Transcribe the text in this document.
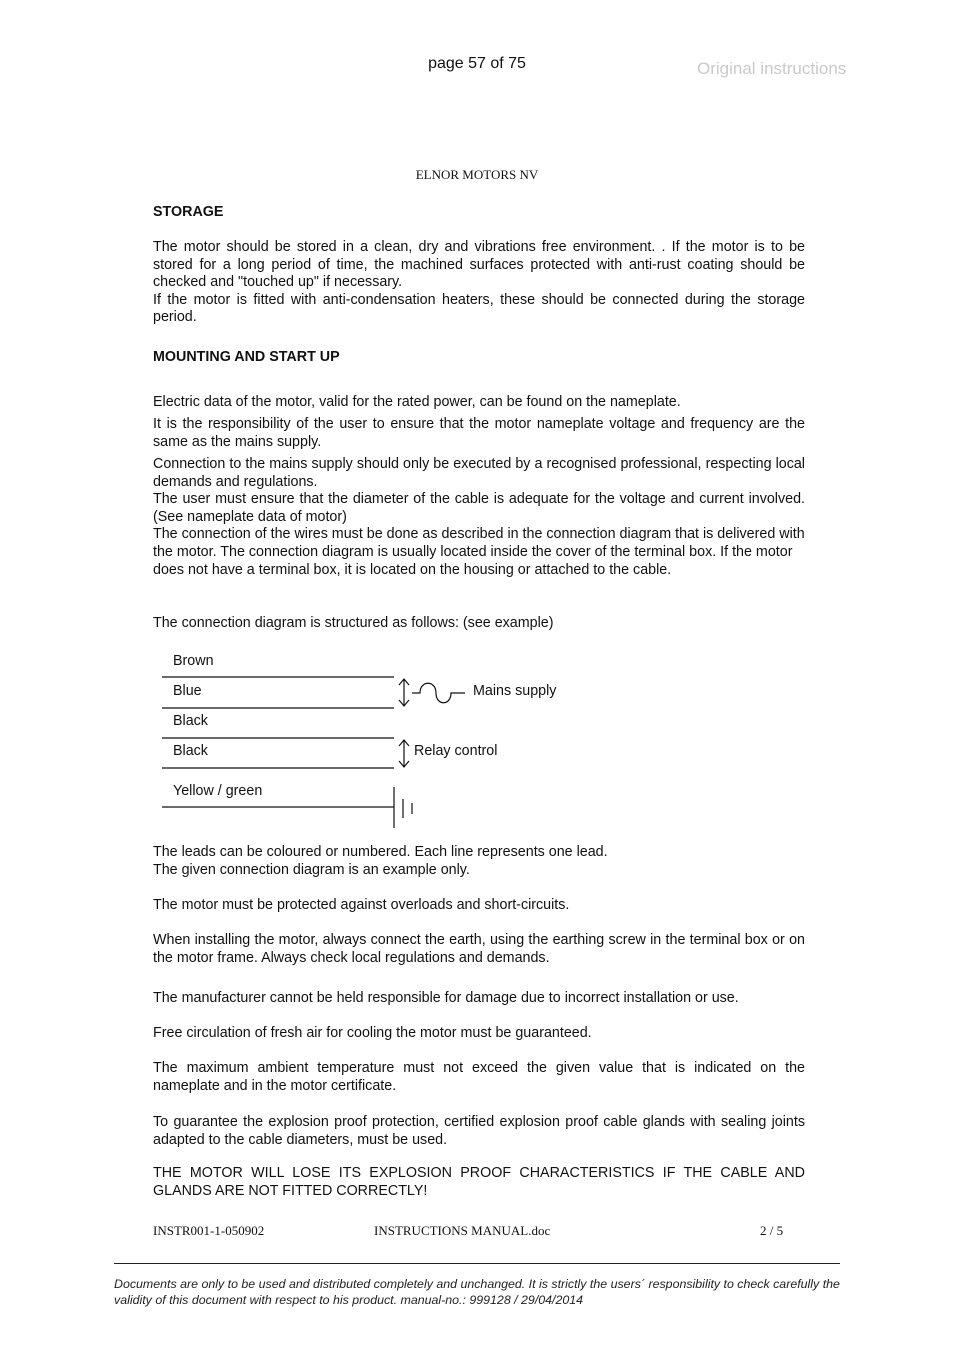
page 57 of 75	Original instructions
ELNOR MOTORS NV
STORAGE

The motor should be stored in a clean, dry and vibrations free environment. . If the motor is to be stored for a long period of time, the machined surfaces protected with anti-rust coating should be checked and "touched up" if necessary.

If the motor is fitted with anti-condensation heaters, these should be connected during the storage period.

MOUNTING AND START UP

Electric data of the motor, valid for the rated power, can be found on the nameplate.

It is the responsibility of the user to ensure that the motor nameplate voltage and frequency are the same as the mains supply.

Connection to the mains supply should only be executed by a recognised professional, respecting local demands and regulations.

The user must ensure that the diameter of the cable is adequate for the voltage and current involved. (See nameplate data of motor)

The connection of the wires must be done as described in the connection diagram that is delivered with the motor. The connection diagram is usually located inside the cover of the terminal box. If the motor does not have a terminal box, it is located on the housing or attached to the cable.

The connection diagram is structured as follows: (see example)

Brown
Blue
Black
Black
Yellow / green
Mains supply
Relay control

The leads can be coloured or numbered. Each line represents one lead.

The given connection diagram is an example only.

The motor must be protected against overloads and short-circuits.

When installing the motor, always connect the earth, using the earthing screw in the terminal box or on the motor frame. Always check local regulations and demands.

The manufacturer cannot be held responsible for damage due to incorrect installation or use.

Free circulation of fresh air for cooling the motor must be guaranteed.

The maximum ambient temperature must not exceed the given value that is indicated on the nameplate and in the motor certificate.

To guarantee the explosion proof protection, certified explosion proof cable glands with sealing joints adapted to the cable diameters, must be used.

THE MOTOR WILL LOSE ITS EXPLOSION PROOF CHARACTERISTICS IF THE CABLE AND GLANDS ARE NOT FITTED CORRECTLY!

INSTR001-1-050902	INSTRUCTIONS MANUAL.doc	2 / 5
Documents are only to be used and distributed completely and unchanged. It is strictly the users´ responsibility to check carefully the validity of this document with respect to his product. manual-no.: 999128 / 29/04/2014
